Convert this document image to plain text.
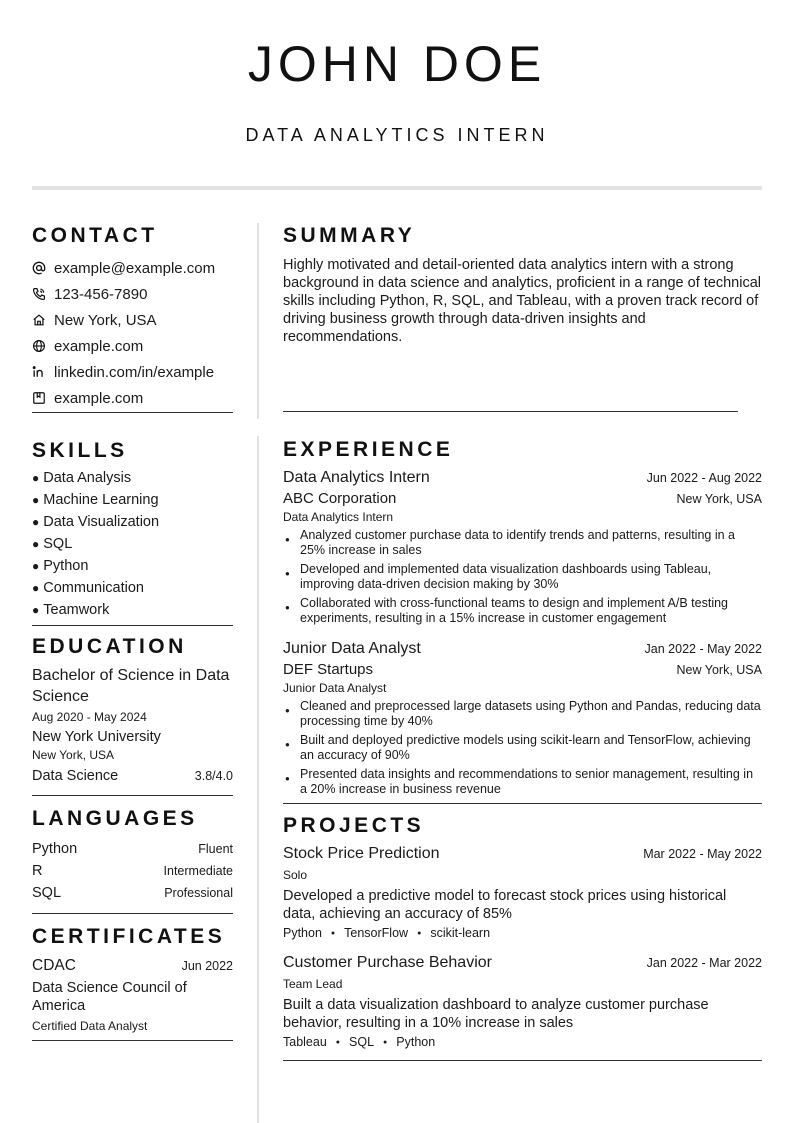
JOHN DOE
DATA ANALYTICS INTERN
CONTACT
example@example.com
123-456-7890
New York, USA
example.com
linkedin.com/in/example
example.com
SKILLS
● Data Analysis
● Machine Learning
● Data Visualization
● SQL
● Python
● Communication
● Teamwork
EDUCATION
Bachelor of Science in Data Science
Aug 2020 - May 2024
New York University
New York, USA
Data Science	3.8/4.0
LANGUAGES
Python	Fluent
R	Intermediate
SQL	Professional
CERTIFICATES
CDAC	Jun 2022
Data Science Council of America
Certified Data Analyst
SUMMARY
Highly motivated and detail-oriented data analytics intern with a strong background in data science and analytics, proficient in a range of technical skills including Python, R, SQL, and Tableau, with a proven track record of driving business growth through data-driven insights and recommendations.
EXPERIENCE
Data Analytics Intern	Jun 2022 - Aug 2022
ABC Corporation	New York, USA
Data Analytics Intern
● Analyzed customer purchase data to identify trends and patterns, resulting in a 25% increase in sales
● Developed and implemented data visualization dashboards using Tableau, improving data-driven decision making by 30%
● Collaborated with cross-functional teams to design and implement A/B testing experiments, resulting in a 15% increase in customer engagement
Junior Data Analyst	Jan 2022 - May 2022
DEF Startups	New York, USA
Junior Data Analyst
● Cleaned and preprocessed large datasets using Python and Pandas, reducing data processing time by 40%
● Built and deployed predictive models using scikit-learn and TensorFlow, achieving an accuracy of 90%
● Presented data insights and recommendations to senior management, resulting in a 20% increase in business revenue
PROJECTS
Stock Price Prediction	Mar 2022 - May 2022
Solo
Developed a predictive model to forecast stock prices using historical data, achieving an accuracy of 85%
Python ● TensorFlow ● scikit-learn
Customer Purchase Behavior	Jan 2022 - Mar 2022
Team Lead
Built a data visualization dashboard to analyze customer purchase behavior, resulting in a 10% increase in sales
Tableau ● SQL ● Python
